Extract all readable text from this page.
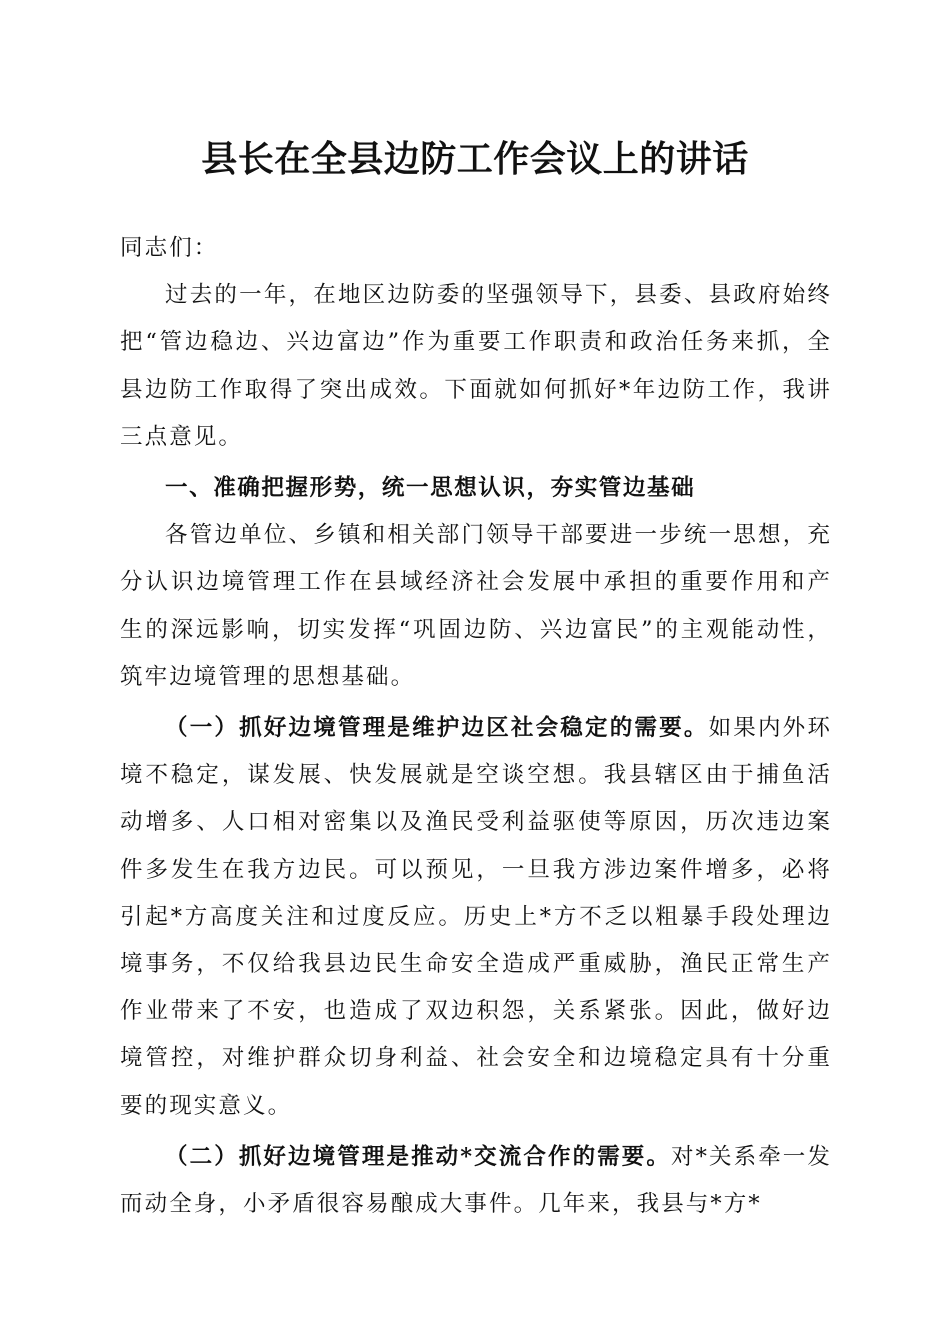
县长在全县边防工作会议上的讲话

同志们：

过去的一年，在地区边防委的坚强领导下，县委、县政府始终把“管边稳边、兴边富边”作为重要工作职责和政治任务来抓，全县边防工作取得了突出成效。下面就如何抓好*年边防工作，我讲三点意见。

一、准确把握形势，统一思想认识，夯实管边基础

各管边单位、乡镇和相关部门领导干部要进一步统一思想，充分认识边境管理工作在县域经济社会发展中承担的重要作用和产生的深远影响，切实发挥“巩固边防、兴边富民”的主观能动性，筑牢边境管理的思想基础。

（一）抓好边境管理是维护边区社会稳定的需要。如果内外环境不稳定，谋发展、快发展就是空谈空想。我县辖区由于捕鱼活动增多、人口相对密集以及渔民受利益驱使等原因，历次违边案件多发生在我方边民。可以预见，一旦我方涉边案件增多，必将引起*方高度关注和过度反应。历史上*方不乏以粗暴手段处理边境事务，不仅给我县边民生命安全造成严重威胁，渔民正常生产作业带来了不安，也造成了双边积怨，关系紧张。因此，做好边境管控，对维护群众切身利益、社会安全和边境稳定具有十分重要的现实意义。

（二）抓好边境管理是推动*交流合作的需要。对*关系牵一发而动全身，小矛盾很容易酿成大事件。几年来，我县与*方*
